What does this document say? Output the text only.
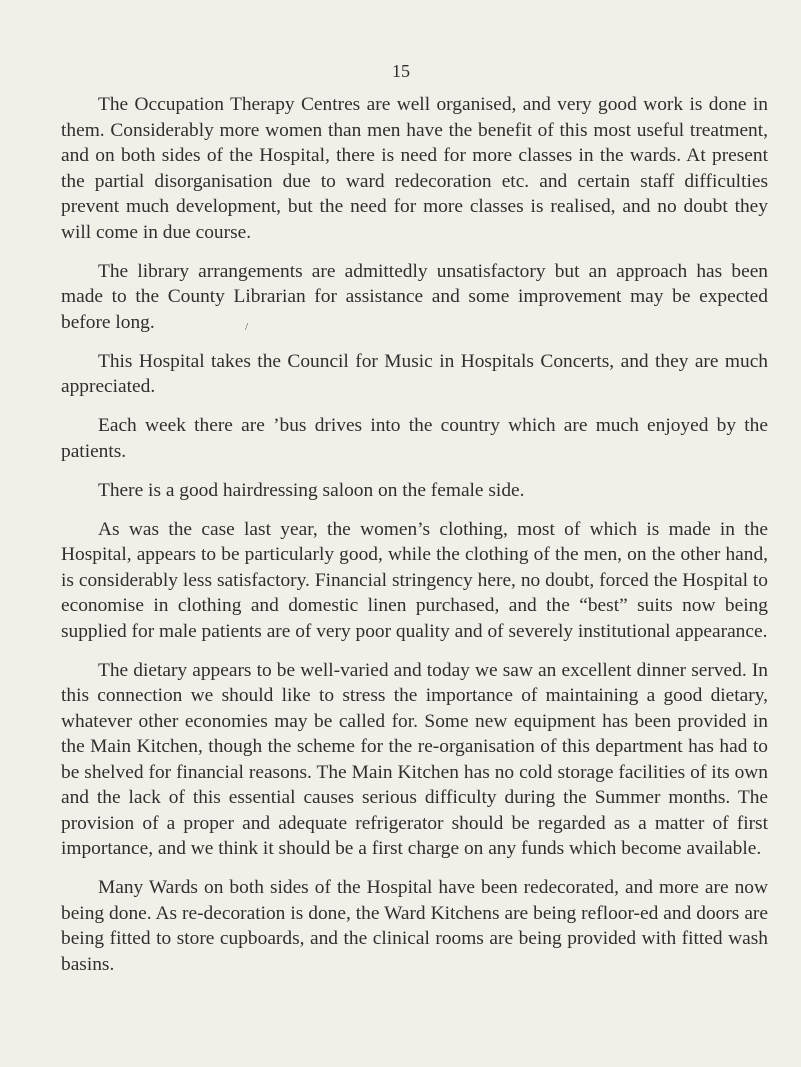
15
/

The Occupation Therapy Centres are well organised, and very good work is done in them. Considerably more women than men have the benefit of this most useful treatment, and on both sides of the Hospital, there is need for more classes in the wards. At present the partial disorganisation due to ward redecoration etc. and certain staff difficulties prevent much development, but the need for more classes is realised, and no doubt they will come in due course.

The library arrangements are admittedly unsatisfactory but an approach has been made to the County Librarian for assistance and some improvement may be expected before long.

This Hospital takes the Council for Music in Hospitals Concerts, and they are much appreciated.

Each week there are ’bus drives into the country which are much enjoyed by the patients.

There is a good hairdressing saloon on the female side.

As was the case last year, the women’s clothing, most of which is made in the Hospital, appears to be particularly good, while the clothing of the men, on the other hand, is considerably less satisfactory. Financial stringency here, no doubt, forced the Hospital to economise in clothing and domestic linen purchased, and the “best” suits now being supplied for male patients are of very poor quality and of severely institutional appearance.

The dietary appears to be well-varied and today we saw an excellent dinner served. In this connection we should like to stress the importance of maintaining a good dietary, whatever other economies may be called for. Some new equipment has been provided in the Main Kitchen, though the scheme for the re-organisation of this department has had to be shelved for financial reasons. The Main Kitchen has no cold storage facilities of its own and the lack of this essential causes serious difficulty during the Summer months. The provision of a proper and adequate refrigerator should be regarded as a matter of first importance, and we think it should be a first charge on any funds which become available.

Many Wards on both sides of the Hospital have been redecorated, and more are now being done. As re-decoration is done, the Ward Kitchens are being refloor-ed and doors are being fitted to store cupboards, and the clinical rooms are being provided with fitted wash basins.
